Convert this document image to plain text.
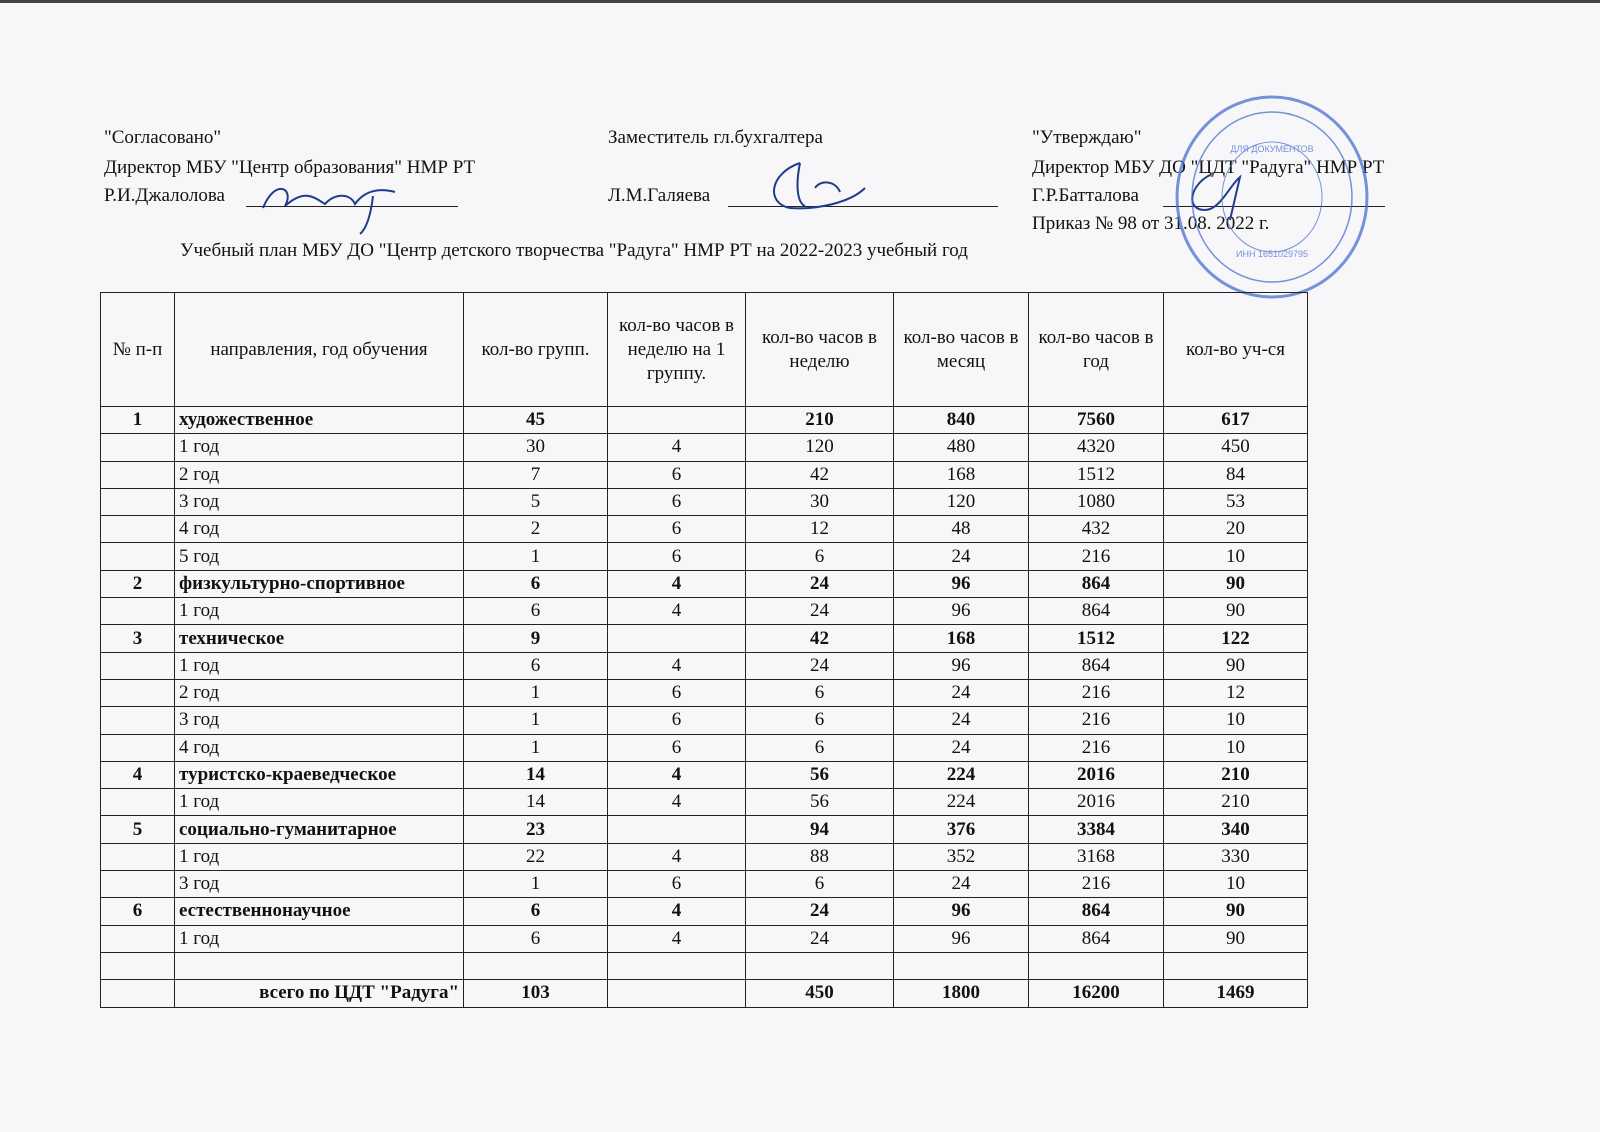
"Согласовано"
Директор МБУ "Центр образования" НМР РТ
Р.И.Джалолова
Заместитель гл.бухгалтера
Л.М.Галяева
"Утверждаю"
Директор МБУ ДО "ЦДТ "Радуга" НМР РТ
Г.Р.Батталова
Приказ № 98 от 31.08. 2022 г.
ИНН 1651029795
ДЛЯ ДОКУМЕНТОВ
Учебный план МБУ ДО "Центр детского творчества "Радуга" НМР РТ на 2022-2023 учебный год
№ п-п	направления, год обучения	кол-во групп.	кол-во часов в неделю на 1 группу.	кол-во часов в неделю	кол-во часов в месяц	кол-во часов в год	кол-во уч-ся
1	художественное	45		210	840	7560	617
	1 год	30	4	120	480	4320	450
	2 год	7	6	42	168	1512	84
	3 год	5	6	30	120	1080	53
	4 год	2	6	12	48	432	20
	5 год	1	6	6	24	216	10
2	физкультурно-спортивное	6	4	24	96	864	90
	1 год	6	4	24	96	864	90
3	техническое	9		42	168	1512	122
	1 год	6	4	24	96	864	90
	2 год	1	6	6	24	216	12
	3 год	1	6	6	24	216	10
	4 год	1	6	6	24	216	10
4	туристско-краеведческое	14	4	56	224	2016	210
	1 год	14	4	56	224	2016	210
5	социально-гуманитарное	23		94	376	3384	340
	1 год	22	4	88	352	3168	330
	3 год	1	6	6	24	216	10
6	естественнонаучное	6	4	24	96	864	90
	1 год	6	4	24	96	864	90

	всего по ЦДТ "Радуга"	103		450	1800	16200	1469
